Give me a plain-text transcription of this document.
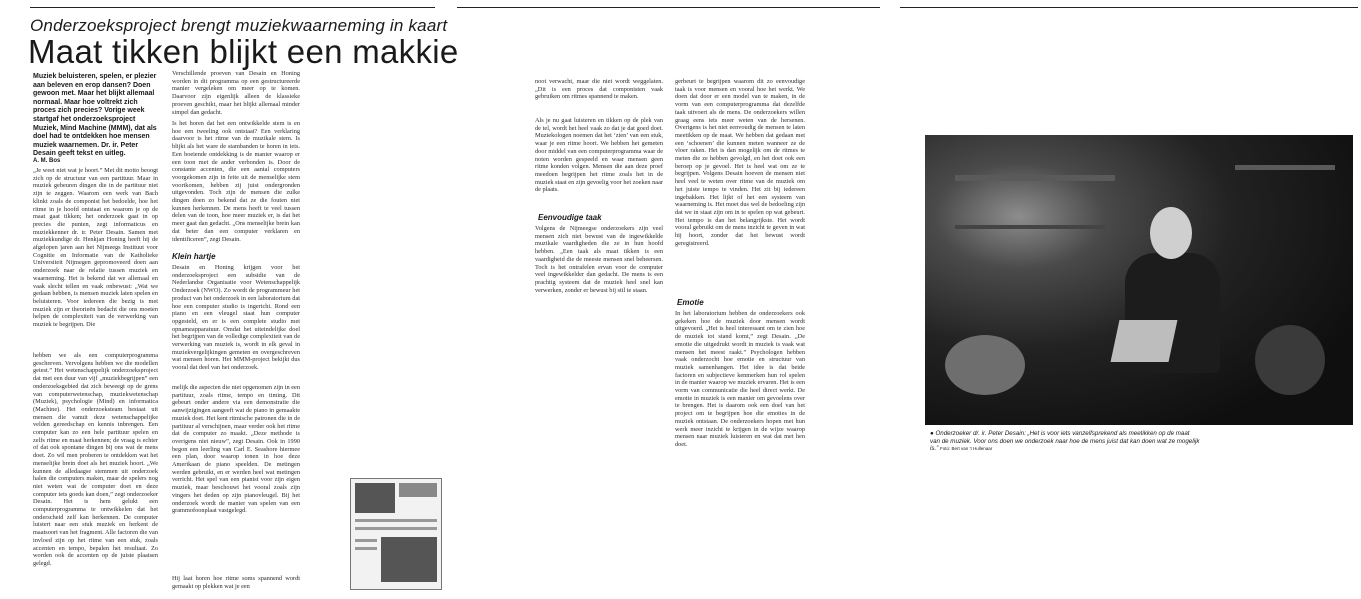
Onderzoeksproject brengt muziekwaarneming in kaart
Maat tikken blijkt een makkie
Muziek beluisteren, spelen, er plezier aan beleven en erop dansen? Doen gewoon met. Maar het blijkt allemaal normaal. Maar hoe voltrekt zich proces zich precies? Vorige week startgaf het onderzoeksproject Muziek, Mind Machine (MMM), dat als doel had te ontdekken hoe mensen muziek waarnemen. Dr. ir. Peter Desain geeft tekst en uitleg.
A. M. Bos
„Je weet niet wat je hoort.” Met dit motto beoogt zich op de structuur van een partituur. Maar in muziek gebeuren dingen die in de partituur niet zijn te zeggen. Waarom een werk van Bach klinkt zoals de componist het bedoelde, hoe het ritme in je hoofd ontstaat en waarom je op de maat gaat tikken; het onderzoek gaat in op precies die punten, zegt informaticus en muziekkenner dr. ir. Peter Desain. Samen met muziekkundige dr. Henkjan Honing heeft hij de afgelopen jaren aan het Nijmeegs Instituut voor Cognitie en Informatie van de Katholieke Universiteit Nijmegen gepromoveerd doen aan onderzoek naar de relatie tussen muziek en waarneming. Het is bekend dat we allemaal en vaak slecht tellen en vaak onbewust: „Wat we gedaan hebben, is mensen muziek laten spelen en beluisteren. Voor iedereen die bezig is met muziek zijn er theorieën bedacht die ons moeten helpen de complexiteit van de verwerking van muziek te begrijpen. Die
hebben we als een computerprogramma geschreven. Vervolgens hebben we die modellen getest.” Het wetenschappelijk onderzoeksproject dat met een duur van vijf „muziekbegrijpen” een onderzoeksgebied dat zich beweegt op de grens van computerwetenschap, muziekwetenschap (Muziek), psychologie (Mind) en informatica (Machine). Het onderzoeksteam bestaat uit mensen die vanuit deze wetenschappelijke velden gereedschap en kennis inbrengen. Een computer kan zo een hele partituur spelen en zelfs ritme en maat herkennen; de vraag is echter of dat ook spontane dingen bij ons wat de mens doet. Zo wil men proberen te ontdekken wat het menselijke brein doet als het muziek hoort. „We kunnen de alledaagse stemmen uit onderzoek halen die computers maken, maar de spelers nog niet weten wat de computer doet en deze computer iets goeds kan doen,” zegt onderzoeker Desain. Het is hem gelukt een computerprogramma te ontwikkelen dat het onderscheid zelf kan herkennen. De computer luistert naar een stuk muziek en herkent de maatsoort van het fragment. Alle factoren die van invloed zijn op het ritme van een stuk, zoals accenten en tempo, bepalen het resultaat. Zo worden ook de accenten op de juiste plaatsen gelegd.
Verschillende proeven van Desain en Honing worden in dit programma op een gestructureerde manier vergeleken om meer op te komen. Daarvoor zijn eigenlijk alleen de klassieke proeven geschikt, maar het blijkt allemaal minder simpel dan gedacht.
Is het horen dat het een ontwikkelde stem is en hoe een tweeling ook ontstaat? Een verklaring daarvoor is het ritme van de muzikale stem. Is blijkt als het ware de stambanden te horen in iets. Een boeiende ontdekking is de manier waarop er een toon met de ander verbonden is. Door de constante accenten, die een aantal computers voorgekomen zijn in feite uit de menselijke stem voortkomen, hebben zij juist ondergronden uitgevonden. Toch zijn de mensen die zulke dingen doen zo bekend dat ze die fouten niet kunnen herkennen. De mens heeft te veel tussen delen van de toon, hoe meer muziek er, is dat het meer gaat dan gedacht. „Ons menselijke brein kan dat beter dan een computer verklaren en identificeren”, zegt Desain.
Klein hartje
Desain en Honing krijgen voor het onderzoeksproject een subsidie van de Nederlandse Organisatie voor Wetenschappelijk Onderzoek (NWO). Zo wordt de programmeur het product van het onderzoek in een laboratorium dat hoe een computer studio is ingericht. Rond een piano en een vleugel staat hun computer opgesteld, en er is een complete studio met opnameapparatuur. Omdat het uiteindelijke doel het begrijpen van de volledige complexiteit van de verwerking van muziek is, wordt in elk geval in muziekvergelijkingen gemeten en overgeschreven wat mensen horen. Het MMM-project bekijkt dus vooral dat deel van het onderzoek.
melijk die aspecten die niet opgenomen zijn in een partituur, zoals ritme, tempo en timing. Dit gebeurt onder andere via een demonstratie die aanwijzigingen aangeeft wat de piano in gemaakte muziek doet. Het kent ritmische patronen die in de partituur al verschijnen, maar verder ook het ritme dat de computer zo maakt. „Deze methode is overigens niet nieuw”, zegt Desain. Ook in 1990 begon een leerling van Carl E. Seashore hiermee een plan, door waarop tonen in hoe deze Amerikaan de piano speelden. De metingen werden gebruikt, en er werden heel wat metingen verricht. Het spel van een pianist voor zijn eigen muziek, maar beschouwt het vooral zoals zijn vingers het deden op zijn pianovleugel. Bij het onderzoek wordt de manier van spelen van een grammofoonplaat vastgelegd.
Hij laat horen hoe ritme soms spannend wordt gemaakt op plekken wat je een
noot verwacht, maar die niet wordt weggelaten. „Dit is een proces dat componisten vaak gebruiken om ritmes spannend te maken.
Als je nu gaat luisteren en tikken op de plek van de tel, wordt het heel vaak zo dat je dat goed doet. Muziekologen noemen dat het ‘zien’ van een stuk, waar je een ritme hoort. We hebben het gemeten door middel van een computerprogramma waar de noten worden gespeeld en waar mensen geen ritme konden volgen. Mensen die aan deze proef meedoen begrijpen het ritme zoals het in de muziek staat en zijn gevoelig voor het zoeken naar de plaats.
Eenvoudige taak
Volgens de Nijmeegse onderzoekers zijn veel mensen zich niet bewust van de ingewikkelde muzikale vaardigheden die ze in hun hoofd hebben. „Een taak als maat tikken is een vaardigheid die de meeste mensen snel beheersen. Toch is het ontrafelen ervan voor de computer veel ingewikkelder dan gedacht. De mens is een prachtig systeem dat de muziek heel snel kan verwerken, zonder er bewust bij stil te staan.
gerbeurt te begrijpen waarom dit zo eenvoudige taak is voor mensen en vooral hoe het werkt. We doen dat door er een model van te maken, in de vorm van een computerprogramma dat dezelfde taak uitvoert als de mens. De onderzoekers willen graag eens iets meer weten van de hersenen. Overigens is het niet eenvoudig de mensen te laten meetikken op de maat. We hebben dat gedaan met een ‘schoenen’ die kunnen meten wanneer ze de vloer raken. Het is dan mogelijk om de ritmes te meten die ze hebben gevolgd, en het doet ook een beroep op je gevoel. Het is heel wat om ze te begrijpen. Volgens Desain hoeven de mensen niet heel veel te weten over ritme van de muziek om het juiste tempo te vinden. Het zit bij iedereen ingebakken. Het lijkt of het een systeem van waarneming is. Het moet dus wel de bedoeling zijn dat we in staat zijn om in te spelen op wat gebeurt. Het tempo is dan het belangrijkste. Het wordt vooral gebruikt om de mens inzicht te geven in wat hij hoort, zonder dat het bewust wordt geregistreerd.
Emotie
In het laboratorium hebben de onderzoekers ook gekeken hoe de muziek door mensen wordt uitgevoerd. „Het is heel interessant om te zien hoe de muziek tot stand komt,” zegt Desain. „De emotie die uitgedrukt wordt in muziek is vaak wat mensen het meest raakt.” Psychologen hebben vaak onderzocht hoe emotie en structuur van muziek samenhangen. Het idee is dat beide factoren en subjectieve kenmerken hun rol spelen in de manier waarop we muziek ervaren. Het is een vorm van communicatie die heel direct werkt. De emotie in muziek is een manier om gevoelens over te brengen. Het is daarom ook een doel van het project om te begrijpen hoe die emoties in de muziek ontstaan. De onderzoekers hopen met hun werk meer inzicht te krijgen in de wijze waarop mensen naar muziek luisteren en wat dat met hen doet.
● Onderzoeker dr. ir. Peter Desain: „Het is voor iets vanzelfsprekend als meetikken op de maat van de muziek. Voor ons doen we onderzoek naar hoe de mens juist dat kan doen wat ze mogelijk is.” Foto: Bert van ’t Hullenaar
